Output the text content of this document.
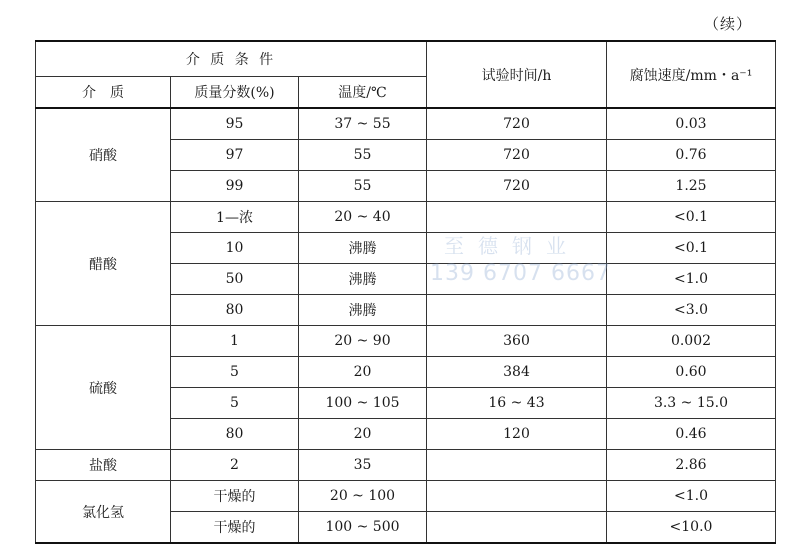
（续）
介 质 条 件			试验时间/h	腐蚀速度/mm・a⁻¹
介　质	质量分数(%)	温度/℃		
硝酸	95	37 ~ 55	720	0.03
	97	55	720	0.76
	99	55	720	1.25
醋酸	1—浓	20 ~ 40		<0.1
	10	沸腾		<0.1
	50	沸腾		<1.0
	80	沸腾		<3.0
硫酸	1	20 ~ 90	360	0.002
	5	20	384	0.60
	5	100 ~ 105	16 ~ 43	3.3 ~ 15.0
	80	20	120	0.46
盐酸	2	35		2.86
氯化氢	干燥的	20 ~ 100		<1.0
	干燥的	100 ~ 500		<10.0
至德钢业
139 6707 6667
